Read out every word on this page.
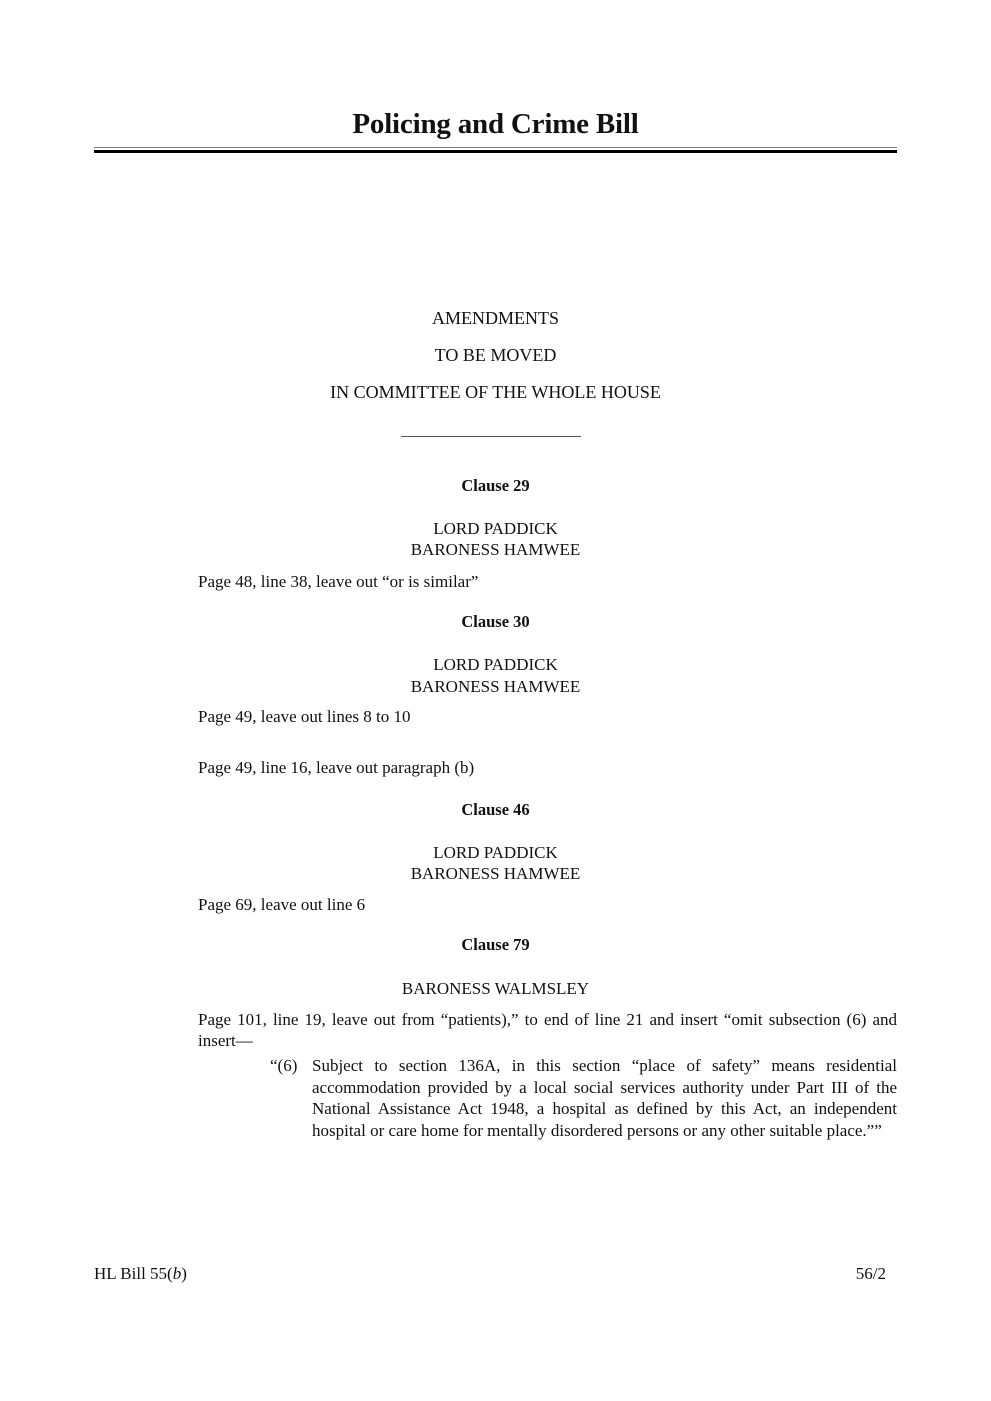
Policing and Crime Bill
AMENDMENTS
TO BE MOVED
IN COMMITTEE OF THE WHOLE HOUSE
Clause 29
LORD PADDICK
BARONESS HAMWEE
Page 48, line 38, leave out “or is similar”
Clause 30
LORD PADDICK
BARONESS HAMWEE
Page 49, leave out lines 8 to 10
Page 49, line 16, leave out paragraph (b)
Clause 46
LORD PADDICK
BARONESS HAMWEE
Page 69, leave out line 6
Clause 79
BARONESS WALMSLEY
Page 101, line 19, leave out from “patients),” to end of line 21 and insert “omit subsection (6) and insert—
“(6) Subject to section 136A, in this section “place of safety” means residential accommodation provided by a local social services authority under Part III of the National Assistance Act 1948, a hospital as defined by this Act, an independent hospital or care home for mentally disordered persons or any other suitable place.””
HL Bill 55(b)	56/2
